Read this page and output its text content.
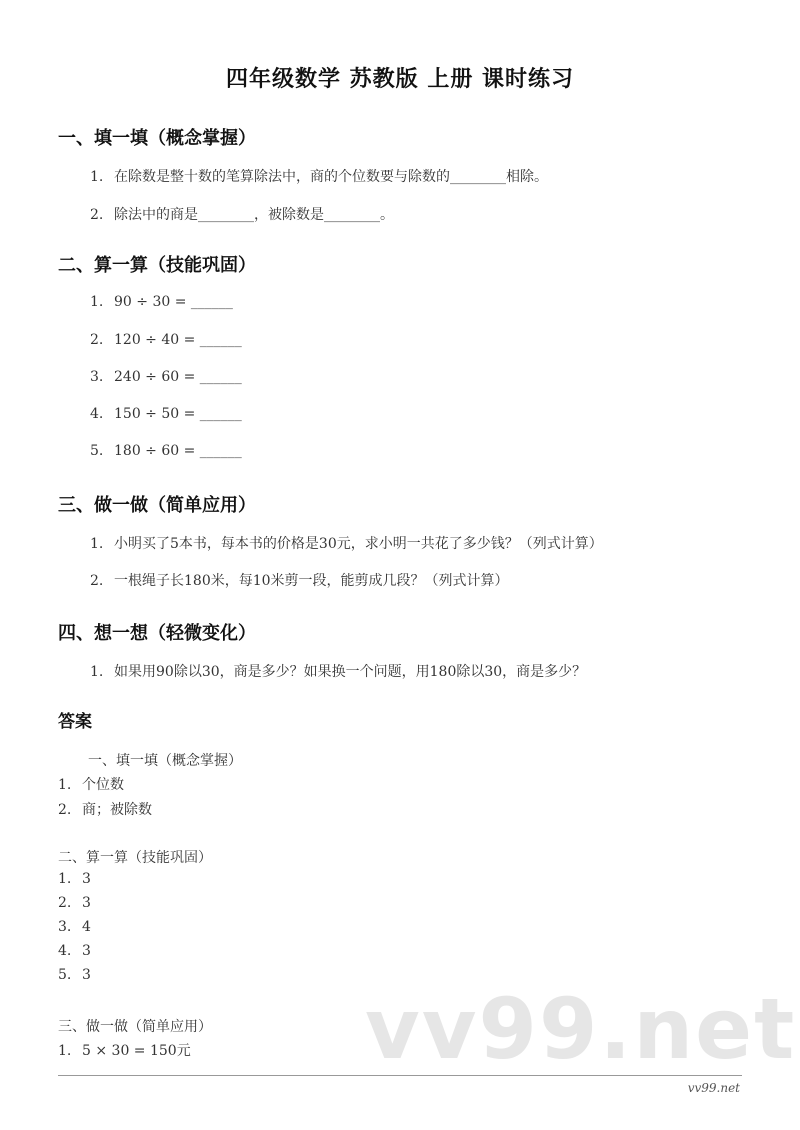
四年级数学 苏教版 上册 课时练习
一、填一填（概念掌握）
1. 在除数是整十数的笔算除法中，商的个位数要与除数的________相除。
2. 除法中的商是________，被除数是________。
二、算一算（技能巩固）
1. 90 ÷ 30 = ______
2. 120 ÷ 40 = ______
3. 240 ÷ 60 = ______
4. 150 ÷ 50 = ______
5. 180 ÷ 60 = ______
三、做一做（简单应用）
1. 小明买了5本书，每本书的价格是30元，求小明一共花了多少钱？（列式计算）
2. 一根绳子长180米，每10米剪一段，能剪成几段？（列式计算）
四、想一想（轻微变化）
1. 如果用90除以30，商是多少？如果换一个问题，用180除以30，商是多少？
答案
一、填一填（概念掌握）
1. 个位数
2. 商；被除数
二、算一算（技能巩固）
1. 3
2. 3
3. 4
4. 3
5. 3
三、做一做（简单应用）
1. 5 × 30 = 150元 vv99.net
vv99.net
